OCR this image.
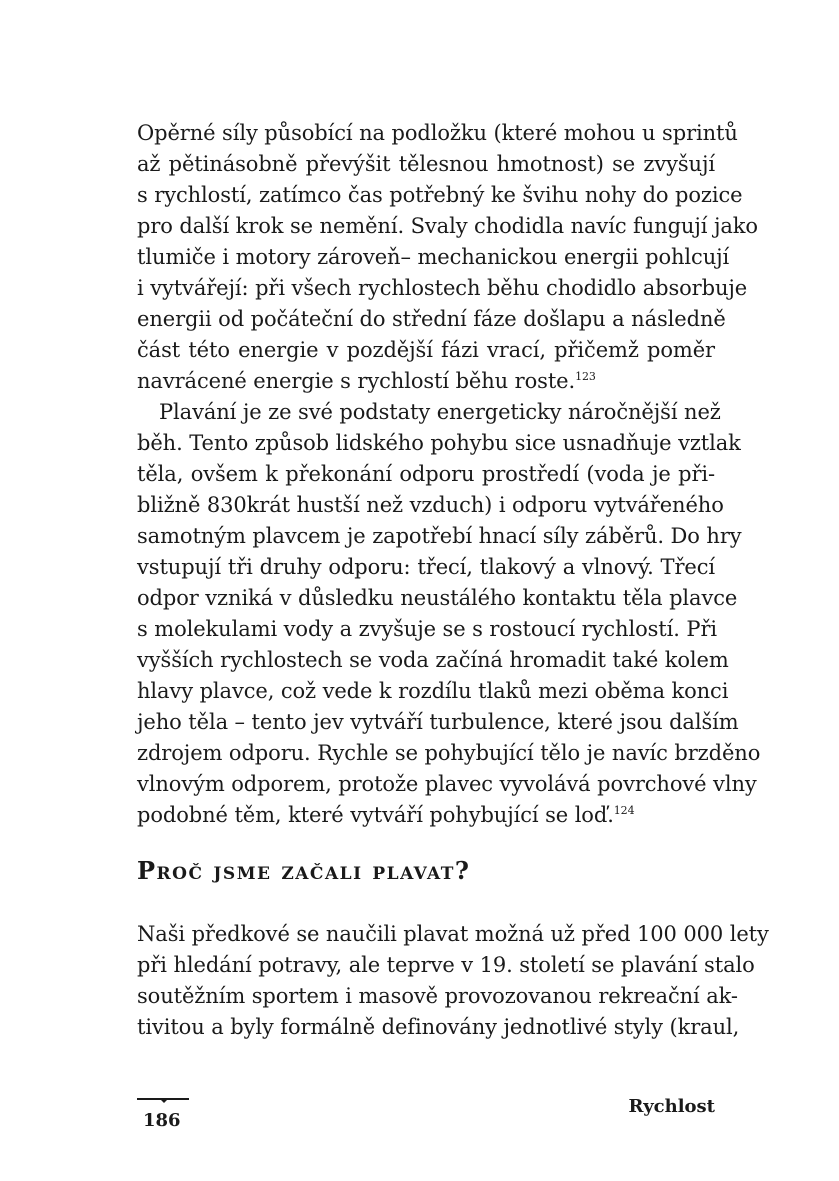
Opěrné síly působící na podložku (které mohou u sprintů
až pětinásobně převýšit tělesnou hmotnost) se zvyšují
s rychlostí, zatímco čas potřebný ke švihu nohy do pozice
pro další krok se nemění. Svaly chodidla navíc fungují jako
tlumiče i motory zároveň– mechanickou energii pohlcují
i vytvářejí: při všech rychlostech běhu chodidlo absorbuje
energii od počáteční do střední fáze došlapu a následně
část této energie v pozdější fázi vrací, přičemž poměr
navrácené energie s rychlostí běhu roste.$^{123}$
Plavání je ze své podstaty energeticky náročnější než
běh. Tento způsob lidského pohybu sice usnadňuje vztlak
těla, ovšem k překonání odporu prostředí (voda je při-
bližně 830krát hustší než vzduch) i odporu vytvářeného
samotným plavcem je zapotřebí hnací síly záběrů. Do hry
vstupují tři druhy odporu: třecí, tlakový a vlnový. Třecí
odpor vzniká v důsledku neustálého kontaktu těla plavce
s molekulami vody a zvyšuje se s rostoucí rychlostí. Při
vyšších rychlostech se voda začíná hromadit také kolem
hlavy plavce, což vede k rozdílu tlaků mezi oběma konci
jeho těla – tento jev vytváří turbulence, které jsou dalším
zdrojem odporu. Rychle se pohybující tělo je navíc brzděno
vlnovým odporem, protože plavec vyvolává povrchové vlny
podobné těm, které vytváří pohybující se loď.$^{124}$
Proč jsme začali plavat?
Naši předkové se naučili plavat možná už před 100 000 lety
při hledání potravy, ale teprve v 19. století se plavání stalo
soutěžním sportem i masově provozovanou rekreační ak-
tivitou a byly formálně definovány jednotlivé styly (kraul,
186
Rychlost
